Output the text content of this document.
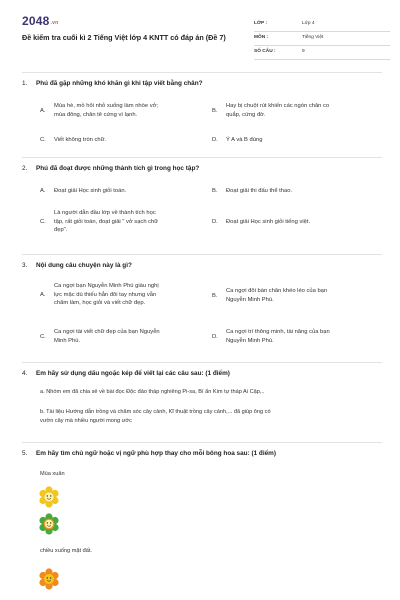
2048.vn
Đề kiểm tra cuối kì 2 Tiếng Việt lớp 4 KNTT có đáp án (Đề 7)
LỚP :	Lớp 4
MÔN :	Tiếng Việt
SỐ CÂU :	9
1. Phú đã gặp những khó khăn gì khi tập viết bằng chân?
A.
Mùa hè, mồ hôi nhỏ xuống làm nhòe vở;
mùa đông, chân tê cứng vì lạnh.
B.
Hay bị chuột rút khiến các ngón chân co
quắp, cứng đờ.
C. Viết không tròn chữ.	D. Ý A và B đúng
2. Phú đã đoạt được những thành tích gì trong học tập?
A. Đoạt giải Học sinh giỏi toán.	B. Đoạt giải thi đấu thể thao.
C.
Là người dẫn đầu lớp về thành tích học
tập, rất giỏi toán, đoạt giải " vở sạch chữ
đẹp".
D. Đoạt giải Học sinh giỏi tiếng việt.
3. Nội dung câu chuyện này là gì?
A.
Ca ngợi bạn Nguyễn Minh Phú giàu nghị
lực mặc dù thiếu hẳn đôi tay nhưng vẫn
chăm làm, học giỏi và viết chữ đẹp.
B.
Ca ngợi đôi bàn chân khéo léo của bạn
Nguyễn Minh Phú.
C.
Ca ngợi tài viết chữ đẹp của bạn Nguyễn
Minh Phú.
D.
Ca ngợi trí thông minh, tài năng của bạn
Nguyễn Minh Phú.
4. Em hãy sử dụng dấu ngoặc kép để viết lại các câu sau: (1 điểm)
a. Nhóm em đã chia sẻ về bài đọc Độc đáo tháp nghiêng Pi-sa, Bí ẩn Kim tự tháp Ai Cập,..
b. Tài liệu Hướng dẫn trồng và chăm sóc cây cảnh, Kĩ thuật trồng cây cảnh,... đã giúp ông có
vườn cây mà nhiều người mong ước
5. Em hãy tìm chủ ngữ hoặc vị ngữ phù hợp thay cho mỗi bông hoa sau: (1 điểm)
Mùa xuân
chiều xuống mặt đất.
